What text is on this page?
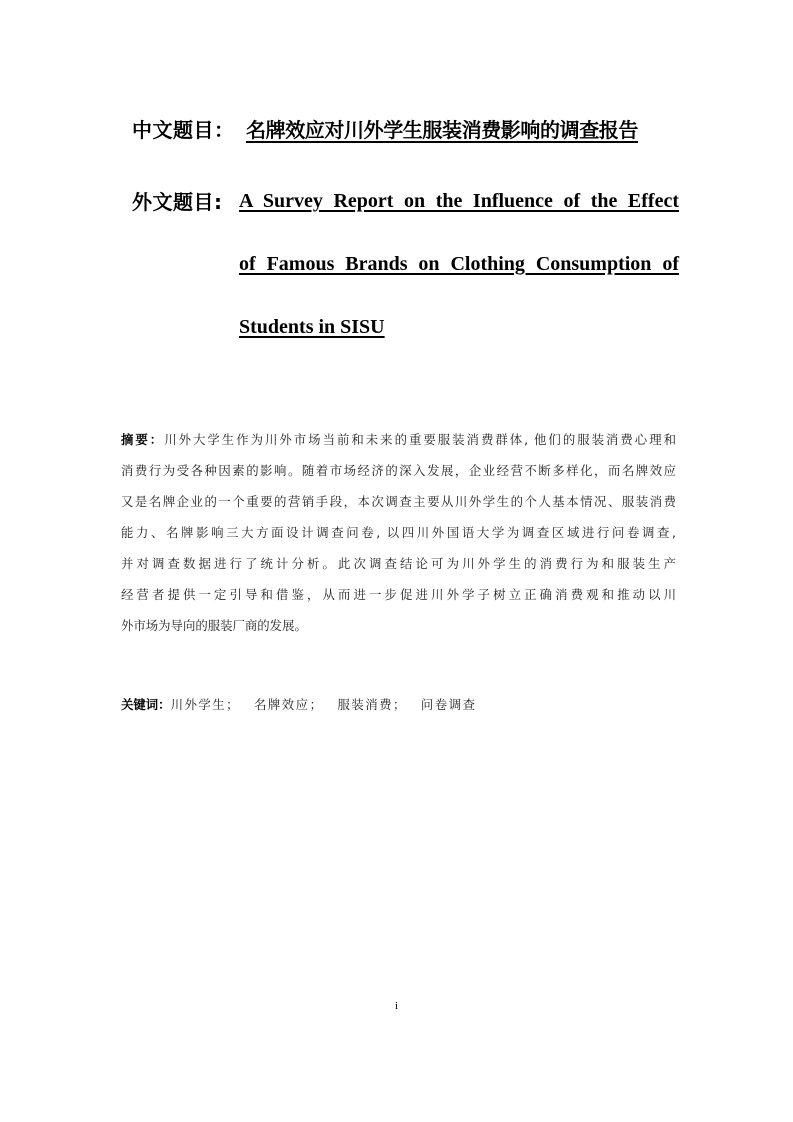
中文题目： 名牌效应对川外学生服装消费影响的调查报告
外文题目: A Survey Report on the Influence of the Effect
of Famous Brands on Clothing Consumption of
Students in SISU
摘要：川外大学生作为川外市场当前和未来的重要服装消费群体, 他们的服装消费心理和
消费行为受各种因素的影响。随着市场经济的深入发展，企业经营不断多样化，而名牌效应
又是名牌企业的一个重要的营销手段，本次调查主要从川外学生的个人基本情况、服装消费
能力、名牌影响三大方面设计调查问卷, 以四川外国语大学为调查区域进行问卷调查,
并对调查数据进行了统计分析。此次调查结论可为川外学生的消费行为和服装生产
经营者提供一定引导和借鉴，从而进一步促进川外学子树立正确消费观和推动以川
外市场为导向的服装厂商的发展。
关键词：川外学生； 名牌效应； 服装消费； 问卷调查
i
